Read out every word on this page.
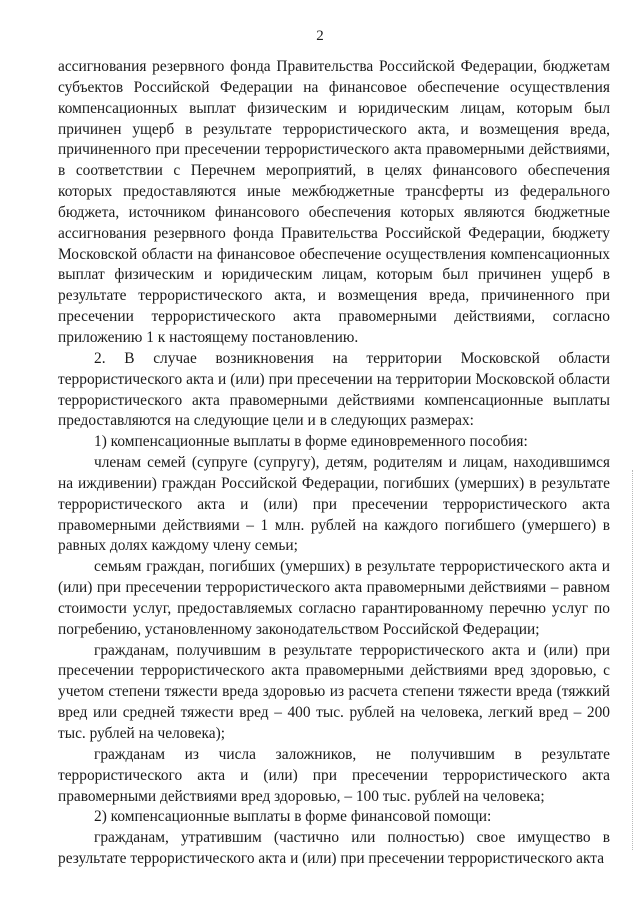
2

ассигнования резервного фонда Правительства Российской Федерации, бюджетам субъектов Российской Федерации на финансовое обеспечение осуществления компенсационных выплат физическим и юридическим лицам, которым был причинен ущерб в результате террористического акта, и возмещения вреда, причиненного при пресечении террористического акта правомерными действиями, в соответствии с Перечнем мероприятий, в целях финансового обеспечения которых предоставляются иные межбюджетные трансферты из федерального бюджета, источником финансового обеспечения которых являются бюджетные ассигнования резервного фонда Правительства Российской Федерации, бюджету Московской области на финансовое обеспечение осуществления компенсационных выплат физическим и юридическим лицам, которым был причинен ущерб в результате террористического акта, и возмещения вреда, причиненного при пресечении террористического акта правомерными действиями, согласно приложению 1 к настоящему постановлению.

2. В случае возникновения на территории Московской области террористического акта и (или) при пресечении на территории Московской области террористического акта правомерными действиями компенсационные выплаты предоставляются на следующие цели и в следующих размерах:

1) компенсационные выплаты в форме единовременного пособия:

членам семей (супруге (супругу), детям, родителям и лицам, находившимся на иждивении) граждан Российской Федерации, погибших (умерших) в результате террористического акта и (или) при пресечении террористического акта правомерными действиями – 1 млн. рублей на каждого погибшего (умершего) в равных долях каждому члену семьи;

семьям граждан, погибших (умерших) в результате террористического акта и (или) при пресечении террористического акта правомерными действиями – равном стоимости услуг, предоставляемых согласно гарантированному перечню услуг по погребению, установленному законодательством Российской Федерации;

гражданам, получившим в результате террористического акта и (или) при пресечении террористического акта правомерными действиями вред здоровью, с учетом степени тяжести вреда здоровью из расчета степени тяжести вреда (тяжкий вред или средней тяжести вред – 400 тыс. рублей на человека, легкий вред – 200 тыс. рублей на человека);

гражданам из числа заложников, не получившим в результате террористического акта и (или) при пресечении террористического акта правомерными действиями вред здоровью, – 100 тыс. рублей на человека;

2) компенсационные выплаты в форме финансовой помощи:

гражданам, утратившим (частично или полностью) свое имущество в результате террористического акта и (или) при пресечении террористического акта
